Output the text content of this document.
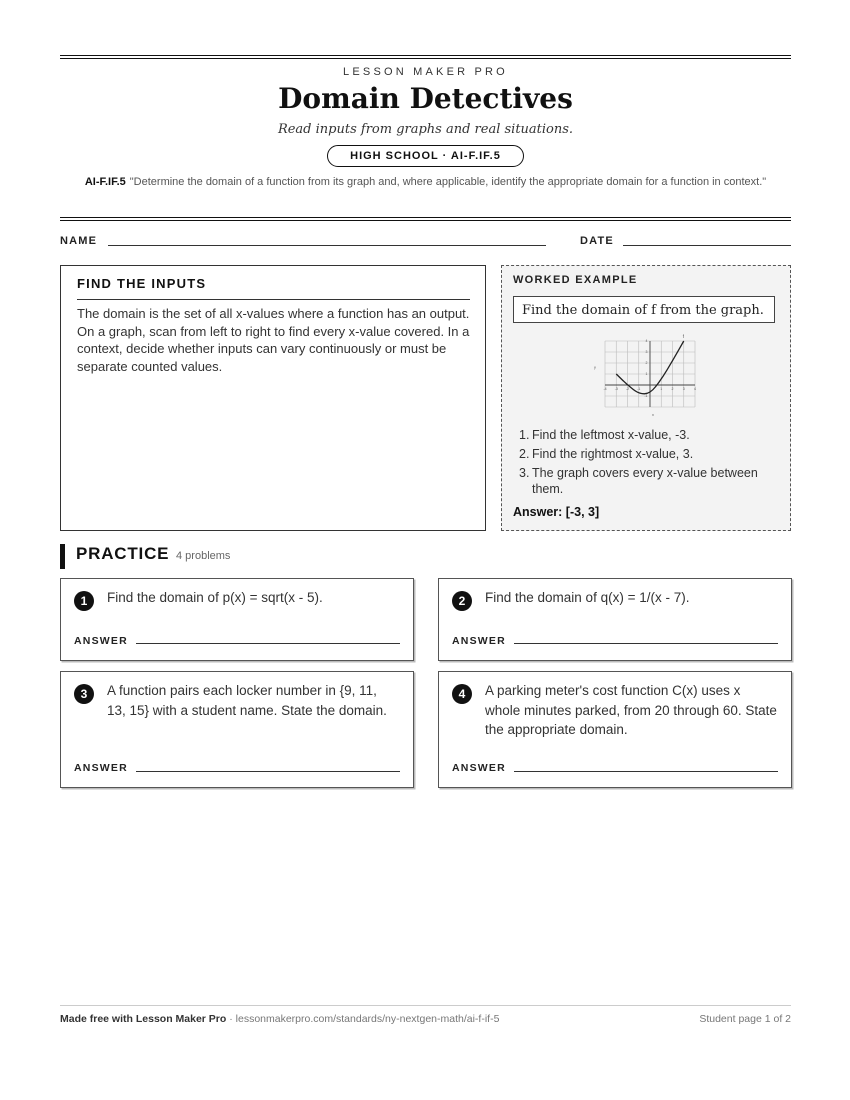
LESSON MAKER PRO
Domain Detectives
Read inputs from graphs and real situations.
HIGH SCHOOL · AI-F.IF.5
AI-F.IF.5 "Determine the domain of a function from its graph and, where applicable, identify the appropriate domain for a function in context."
NAME	DATE
FIND THE INPUTS

The domain is the set of all x-values where a function has an output. On a graph, scan from left to right to find every x-value covered. In a context, decide whether inputs can vary continuously or must be separate counted values.

WORKED EXAMPLE
Find the domain of f from the graph.
-4 -3 -2 -1	1	2	3	4
-1
1
2
3
4
x
y
f
1. Find the leftmost x-value, -3.
2. Find the rightmost x-value, 3.
3. The graph covers every x-value between them.
Answer: [-3, 3]
PRACTICE 4 problems
1	Find the domain of p(x) = sqrt(x - 5).
ANSWER
2	Find the domain of q(x) = 1/(x - 7).
ANSWER
3	A function pairs each locker number in {9, 11, 13, 15} with a student name. State the domain.
ANSWER
4	A parking meter's cost function C(x) uses x whole minutes parked, from 20 through 60. State the appropriate domain.
ANSWER
Made free with Lesson Maker Pro · lessonmakerpro.com/standards/ny-nextgen-math/ai-f-if-5	Student page 1 of 2
